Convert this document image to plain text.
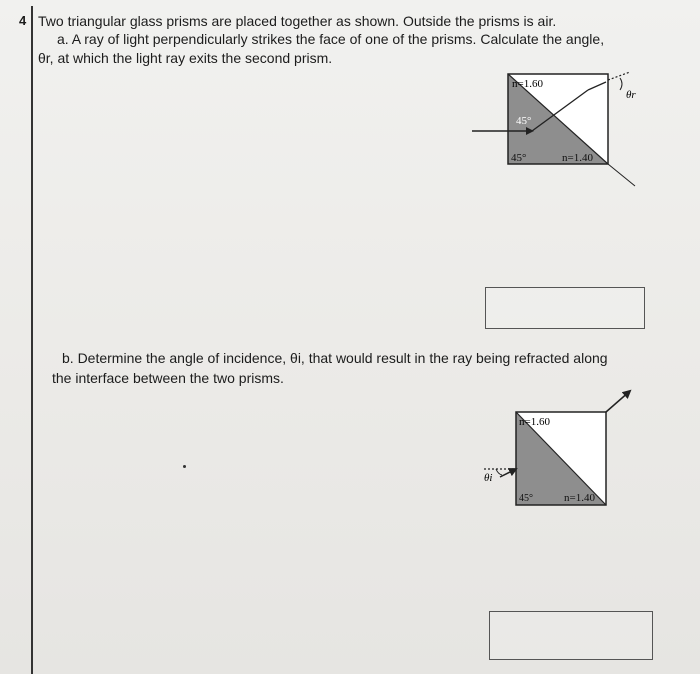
4 Two triangular glass prisms are placed together as shown. Outside the prisms is air.
a. A ray of light perpendicularly strikes the face of one of the prisms. Calculate the angle,
θr, at which the light ray exits the second prism.
n=1.60
45°
45°	n=1.40
θr
b. Determine the angle of incidence, θi, that would result in the ray being refracted along
the interface between the two prisms.
n=1.60
θi
45°	n=1.40
